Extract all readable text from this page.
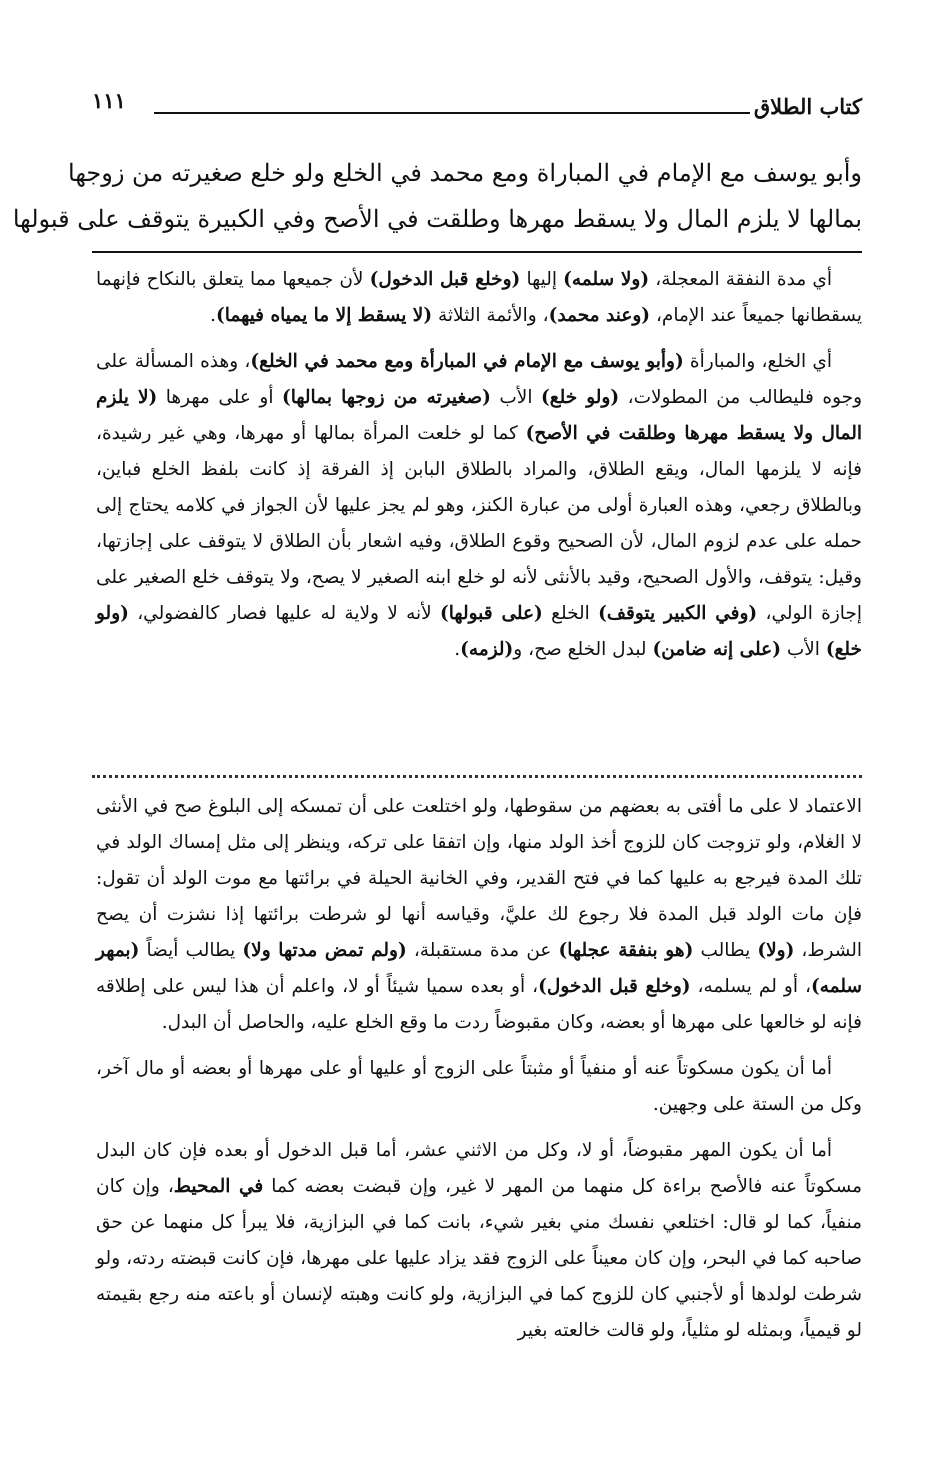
كتاب الطلاق
١١١
وأبو يوسف مع الإمام في المباراة ومع محمد في الخلع ولو خلع صغيرته من زوجها
بمالها لا يلزم المال ولا يسقط مهرها وطلقت في الأصح وفي الكبيرة يتوقف على قبولها

أي مدة النفقة المعجلة، (ولا سلمه) إليها (وخلع قبل الدخول) لأن جميعها مما يتعلق بالنكاح فإنهما يسقطانها جميعاً عند الإمام، (وعند محمد)، والأئمة الثلاثة (لا يسقط إلا ما يمياه فيهما).

أي الخلع، والمبارأة (وأبو يوسف مع الإمام في المبارأة ومع محمد في الخلع)، وهذه المسألة على وجوه فليطالب من المطولات، (ولو خلع) الأب (صغيرته من زوجها بمالها) أو على مهرها (لا يلزم المال ولا يسقط مهرها وطلقت في الأصح) كما لو خلعت المرأة بمالها أو مهرها، وهي غير رشيدة، فإنه لا يلزمها المال، ويقع الطلاق، والمراد بالطلاق البابن إذ الفرقة إذ كانت بلفظ الخلع فباين، وبالطلاق رجعي، وهذه العبارة أولى من عبارة الكنز، وهو لم يجز عليها لأن الجواز في كلامه يحتاج إلى حمله على عدم لزوم المال، لأن الصحيح وقوع الطلاق، وفيه اشعار بأن الطلاق لا يتوقف على إجازتها، وقيل: يتوقف، والأول الصحيح، وقيد بالأنثى لأنه لو خلع ابنه الصغير لا يصح، ولا يتوقف خلع الصغير على إجازة الولي، (وفي الكبير يتوقف) الخلع (على قبولها) لأنه لا ولاية له عليها فصار كالفضولي، (ولو خلع) الأب (على إنه ضامن) لبدل الخلع صح، و(لزمه).

الاعتماد لا على ما أفتى به بعضهم من سقوطها، ولو اختلعت على أن تمسكه إلى البلوغ صح في الأنثى لا الغلام، ولو تزوجت كان للزوج أخذ الولد منها، وإن اتفقا على تركه، وينظر إلى مثل إمساك الولد في تلك المدة فيرجع به عليها كما في فتح القدير، وفي الخانية الحيلة في برائتها مع موت الولد أن تقول: فإن مات الولد قبل المدة فلا رجوع لك عليَّ، وقياسه أنها لو شرطت برائتها إذا نشزت أن يصح الشرط، (ولا) يطالب (هو بنفقة عجلها) عن مدة مستقبلة، (ولم تمض مدتها ولا) يطالب أيضاً (بمهر سلمه)، أو لم يسلمه، (وخلع قبل الدخول)، أو بعده سميا شيئاً أو لا، واعلم أن هذا ليس على إطلاقه فإنه لو خالعها على مهرها أو بعضه، وكان مقبوضاً ردت ما وقع الخلع عليه، والحاصل أن البدل.

أما أن يكون مسكوتاً عنه أو منفياً أو مثبتاً على الزوج أو عليها أو على مهرها أو بعضه أو مال آخر، وكل من الستة على وجهين.

أما أن يكون المهر مقبوضاً، أو لا، وكل من الاثني عشر، أما قبل الدخول أو بعده فإن كان البدل مسكوتاً عنه فالأصح براءة كل منهما من المهر لا غير، وإن قبضت بعضه كما في المحيط، وإن كان منفياً، كما لو قال: اختلعي نفسك مني بغير شيء، بانت كما في البزازية، فلا يبرأ كل منهما عن حق صاحبه كما في البحر، وإن كان معيناً على الزوج فقد يزاد عليها على مهرها، فإن كانت قبضته ردته، ولو شرطت لولدها أو لأجنبي كان للزوج كما في البزازية، ولو كانت وهبته لإنسان أو باعته منه رجع بقيمته لو قيمياً، وبمثله لو مثلياً، ولو قالت خالعته بغير
